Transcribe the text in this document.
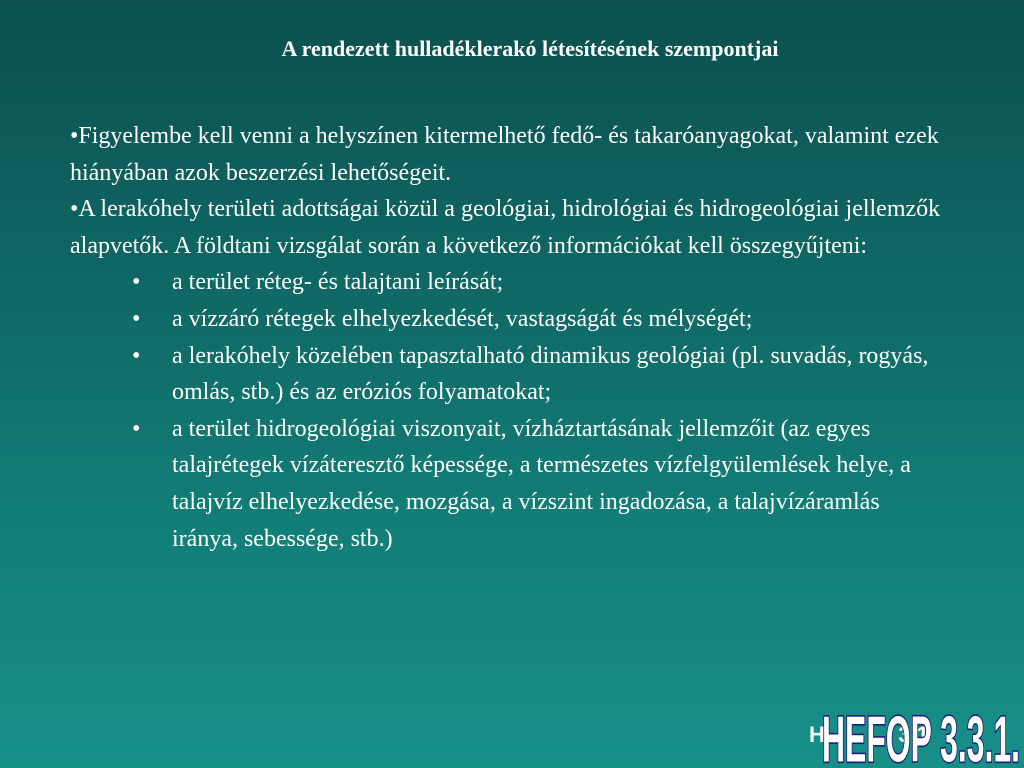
A rendezett hulladéklerakó létesítésének szempontjai

•Figyelembe kell venni a helyszínen kitermelhető fedő- és takaróanyagokat, valamint ezek hiányában azok beszerzési lehetőségeit.

•A lerakóhely területi adottságai közül a geológiai, hidrológiai és hidrogeológiai jellemzők alapvetők. A földtani vizsgálat során a következő információkat kell összegyűjteni:

• a terület réteg- és talajtani leírását;
• a vízzáró rétegek elhelyezkedését, vastagságát és mélységét;
• a lerakóhely közelében tapasztalható dinamikus geológiai (pl. suvadás, rogyás, omlás, stb.) és az eróziós folyamatokat;
• a terület hidrogeológiai viszonyait, vízháztartásának jellemzőit (az egyes talajrétegek vízáteresztő képessége, a természetes vízfelgyülemlések helye, a talajvíz elhelyezkedése, mozgása, a vízszint ingadozása, a talajvízáramlás iránya, sebessége, stb.)
H          . 3.1
HEFOP 3.3.1.
